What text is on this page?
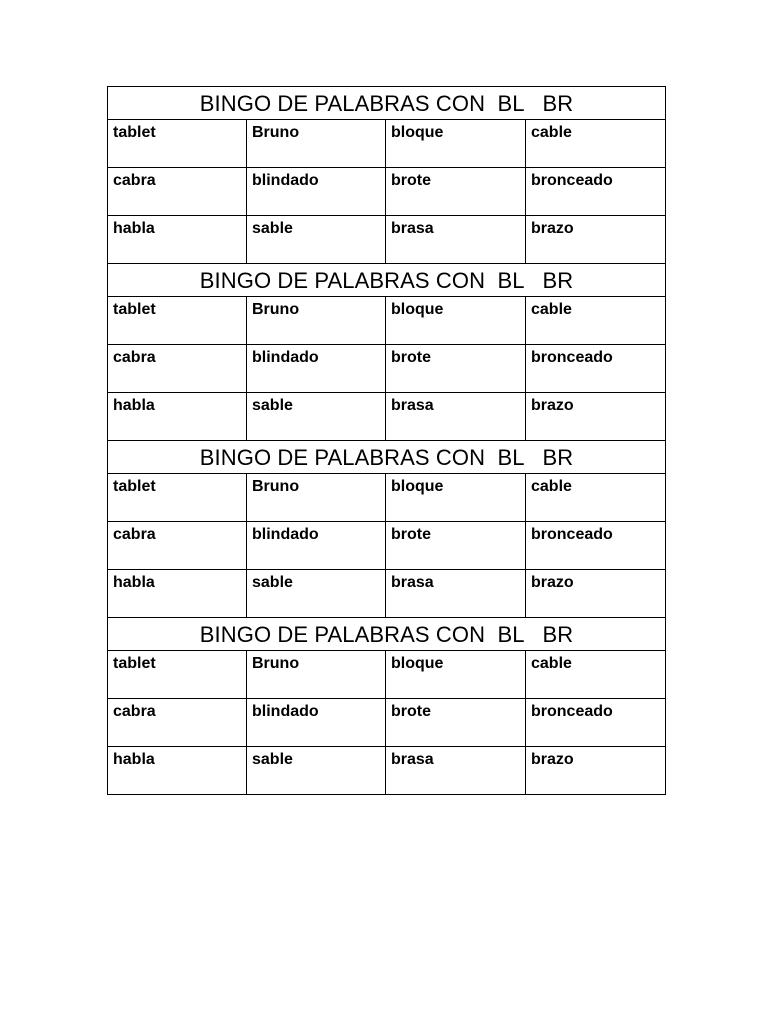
BINGO DE PALABRAS CON  BL   BR
tablet	Bruno	bloque	cable
cabra	blindado	brote	bronceado
habla	sable	brasa	brazo
BINGO DE PALABRAS CON  BL   BR
tablet	Bruno	bloque	cable
cabra	blindado	brote	bronceado
habla	sable	brasa	brazo
BINGO DE PALABRAS CON  BL   BR
tablet	Bruno	bloque	cable
cabra	blindado	brote	bronceado
habla	sable	brasa	brazo
BINGO DE PALABRAS CON  BL   BR
tablet	Bruno	bloque	cable
cabra	blindado	brote	bronceado
habla	sable	brasa	brazo
